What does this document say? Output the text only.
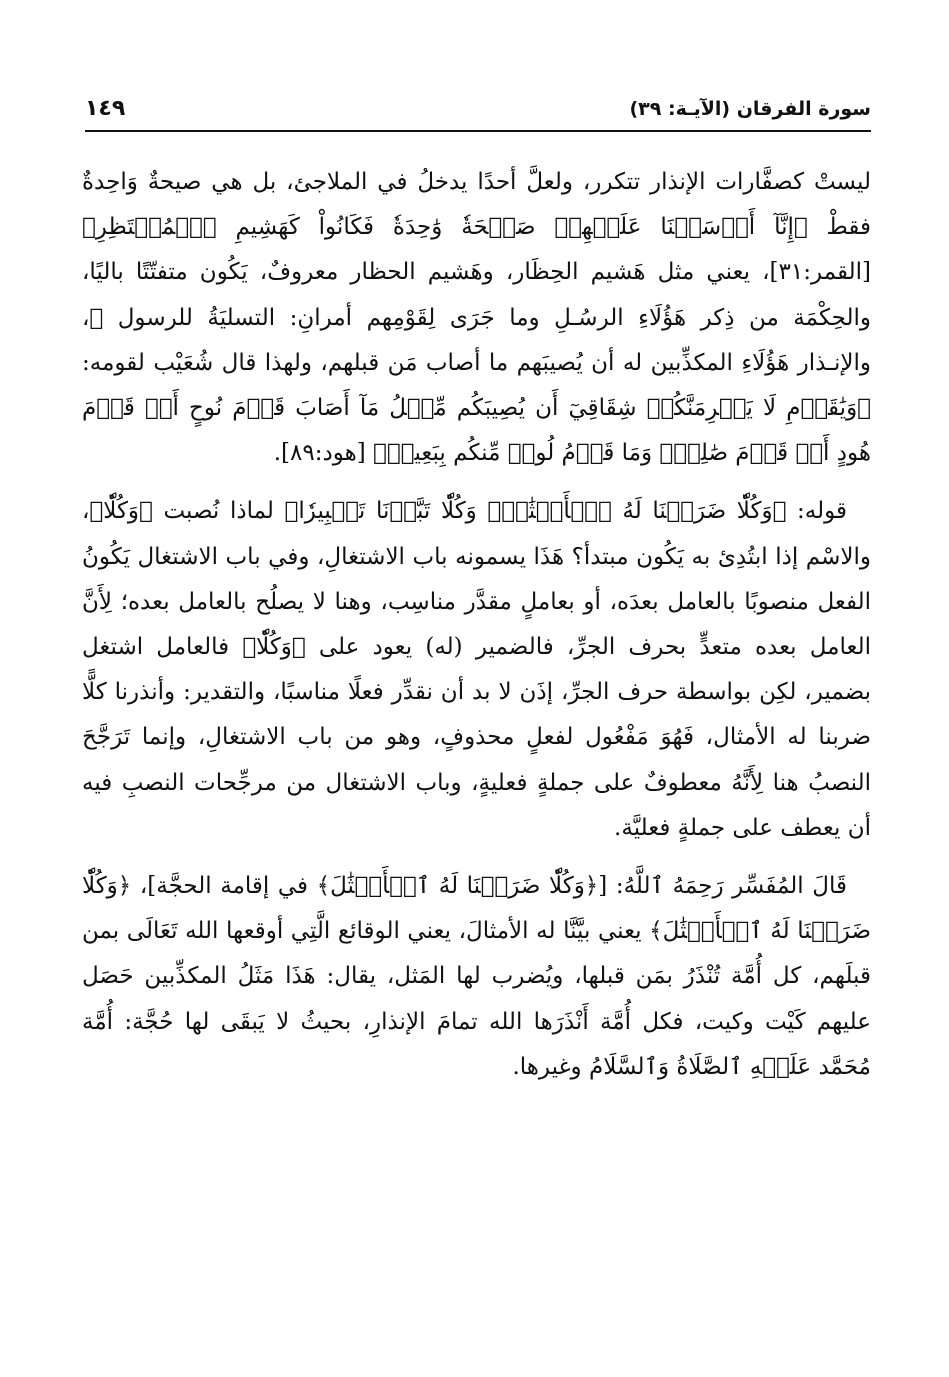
سورة الفرقان (الآيـة: ٣٩)
١٤٩

ليستْ كصفَّارات الإنذار تتكرر، ولعلَّ أحدًا يدخلُ في الملاجئ، بل هي صيحةٌ وَاحِدةٌ فقطْ ﴿إِنَّآ أَرۡسَلۡنَا عَلَيۡهِمۡ صَيۡحَةٗ وَٰحِدَةٗ فَكَانُواْ كَهَشِيمِ ٱلۡمُحۡتَظِرِ﴾ [القمر:٣١]، يعني مثل هَشيم الحِظَار، وهَشيم الحظار معروفٌ، يَكُون متفتّتًا باليًا، والحِكْمَة من ذِكر هَؤُلَاءِ الرسُـلِ وما جَرَى لِقَوْمِهم أمرانِ: التسليَةُ للرسول ﷺ، والإنـذار هَؤُلَاءِ المكذِّبين له أن يُصيبَهم ما أصاب مَن قبلهم، ولهذا قال شُعَيْب لقومه: ﴿وَيَٰقَوۡمِ لَا يَجۡرِمَنَّكُمۡ شِقَاقِيٓ أَن يُصِيبَكُم مِّثۡلُ مَآ أَصَابَ قَوۡمَ نُوحٍ أَوۡ قَوۡمَ هُودٍ أَوۡ قَوۡمَ صَٰلِحٖۚ وَمَا قَوۡمُ لُوطٖ مِّنكُم بِبَعِيدٖ﴾ [هود:٨٩].

قوله: ﴿وَكُلّٗا ضَرَبۡنَا لَهُ ٱلۡأَمۡثَٰلَۖ وَكُلّٗا تَبَّرۡنَا تَتۡبِيرٗا﴾ لماذا نُصبت ﴿وَكُلّٗا﴾، والاسْم إذا ابتُدِئ به يَكُون مبتدأ؟ هَذَا يسمونه باب الاشتغالِ، وفي باب الاشتغال يَكُونُ الفعل منصوبًا بالعامل بعدَه، أو بعاملٍ مقدَّر مناسِب، وهنا لا يصلُح بالعامل بعده؛ لِأَنَّ العامل بعده متعدٍّ بحرف الجرِّ، فالضمير (له) يعود على ﴿وَكُلّٗا﴾ فالعامل اشتغل بضمير، لكِن بواسطة حرف الجرِّ، إذَن لا بد أن نقدِّر فعلًا مناسبًا، والتقدير: وأنذرنا كلًّا ضربنا له الأمثال، فَهُوَ مَفْعُول لفعلٍ محذوفٍ، وهو من باب الاشتغالِ، وإنما تَرَجَّحَ النصبُ هنا لِأَنَّهُ معطوفٌ على جملةٍ فعليةٍ، وباب الاشتغال من مرجِّحات النصبِ فيه أن يعطف على جملةٍ فعليَّة.

قَالَ المُفَسِّر رَحِمَهُ ٱللَّهُ: [﴿وَكُلّٗا ضَرَبۡنَا لَهُ ٱلۡأَمۡثَٰلَ﴾ في إقامة الحجَّة]، ﴿وَكُلّٗا ضَرَبۡنَا لَهُ ٱلۡأَمۡثَٰلَ﴾ يعني بيَّنَّا له الأمثالَ، يعني الوقائع الَّتِي أوقعها الله تَعَالَى بمن قبلَهم، كل أُمَّة تُنْذَرُ بمَن قبلها، ويُضرب لها المَثل، يقال: هَذَا مَثَلُ المكذِّبين حَصَل عليهم كَيْت وكيت، فكل أُمَّة أَنْذَرَها الله تمامَ الإنذارِ، بحيثُ لا يَبقَى لها حُجَّة: أُمَّة مُحَمَّد عَلَيۡهِ ٱلصَّلَاةُ وَٱلسَّلَامُ وغيرها.
